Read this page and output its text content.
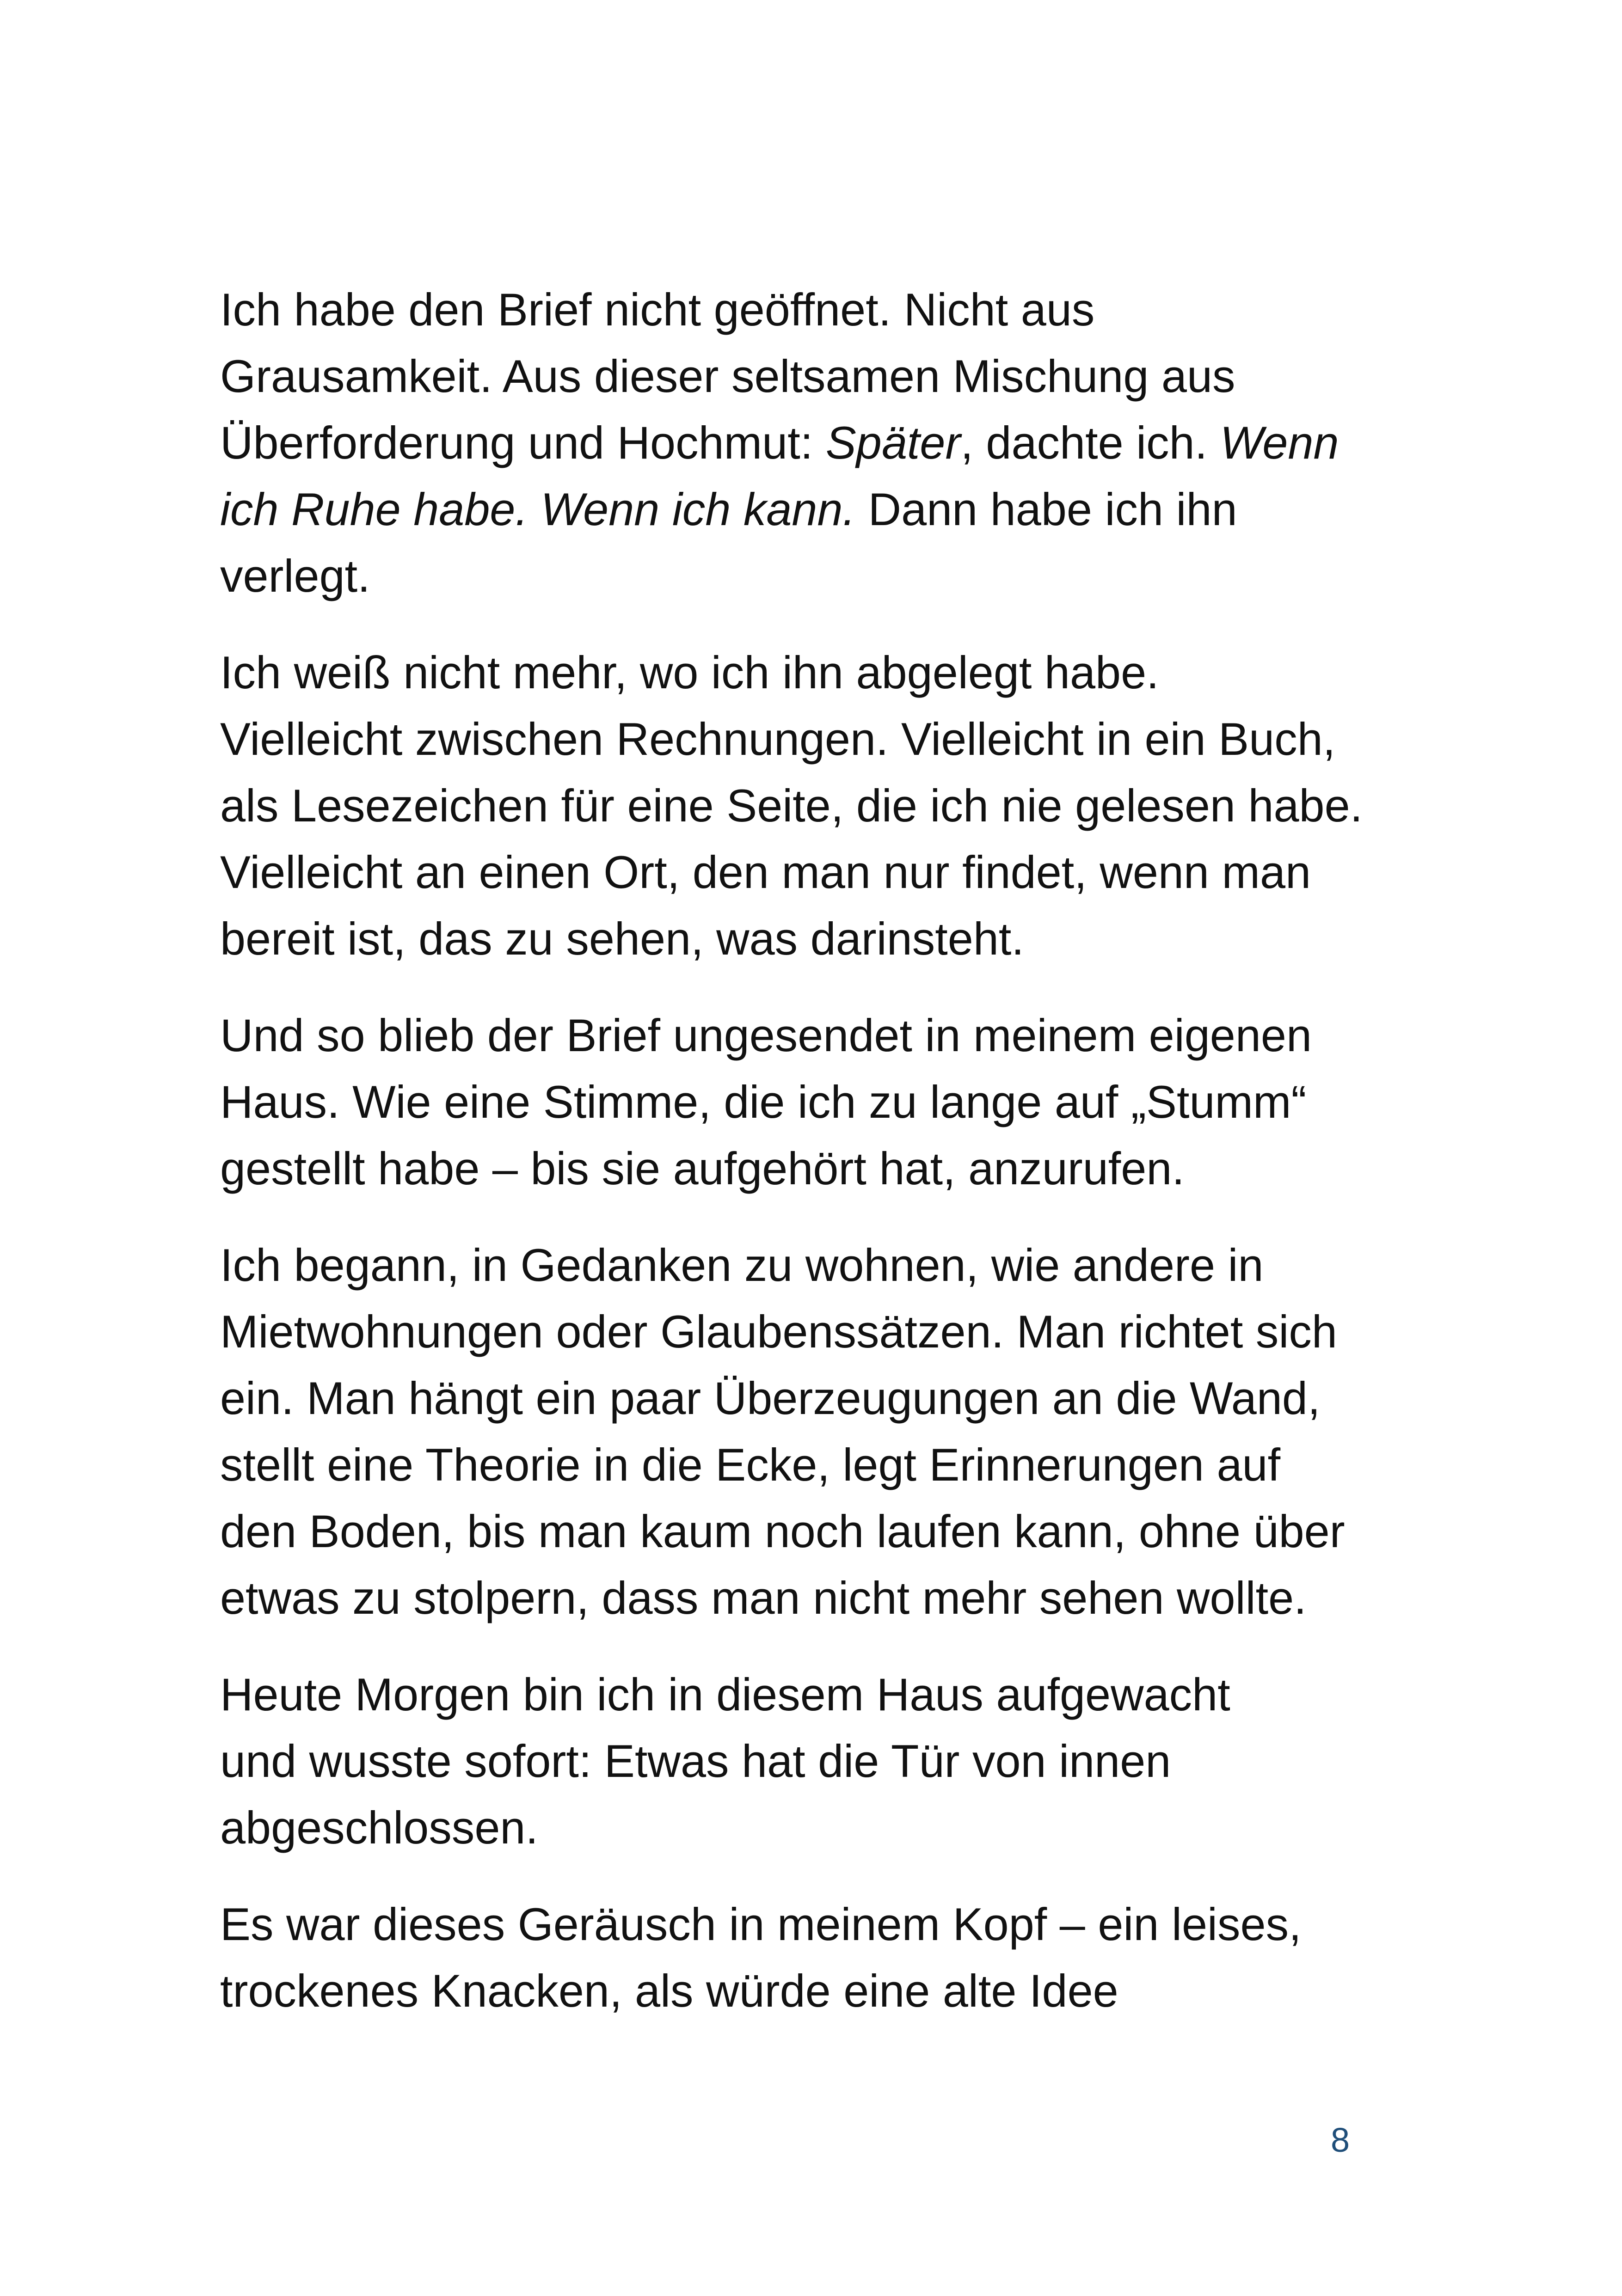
Ich habe den Brief nicht geöffnet. Nicht aus
Grausamkeit. Aus dieser seltsamen Mischung aus
Überforderung und Hochmut: Später, dachte ich. Wenn
ich Ruhe habe. Wenn ich kann. Dann habe ich ihn
verlegt.

Ich weiß nicht mehr, wo ich ihn abgelegt habe.
Vielleicht zwischen Rechnungen. Vielleicht in ein Buch,
als Lesezeichen für eine Seite, die ich nie gelesen habe.
Vielleicht an einen Ort, den man nur findet, wenn man
bereit ist, das zu sehen, was darinsteht.

Und so blieb der Brief ungesendet in meinem eigenen
Haus. Wie eine Stimme, die ich zu lange auf „Stumm“
gestellt habe – bis sie aufgehört hat, anzurufen.

Ich begann, in Gedanken zu wohnen, wie andere in
Mietwohnungen oder Glaubenssätzen. Man richtet sich
ein. Man hängt ein paar Überzeugungen an die Wand,
stellt eine Theorie in die Ecke, legt Erinnerungen auf
den Boden, bis man kaum noch laufen kann, ohne über
etwas zu stolpern, dass man nicht mehr sehen wollte.

Heute Morgen bin ich in diesem Haus aufgewacht
und wusste sofort: Etwas hat die Tür von innen
abgeschlossen.

Es war dieses Geräusch in meinem Kopf – ein leises,
trockenes Knacken, als würde eine alte Idee

8
